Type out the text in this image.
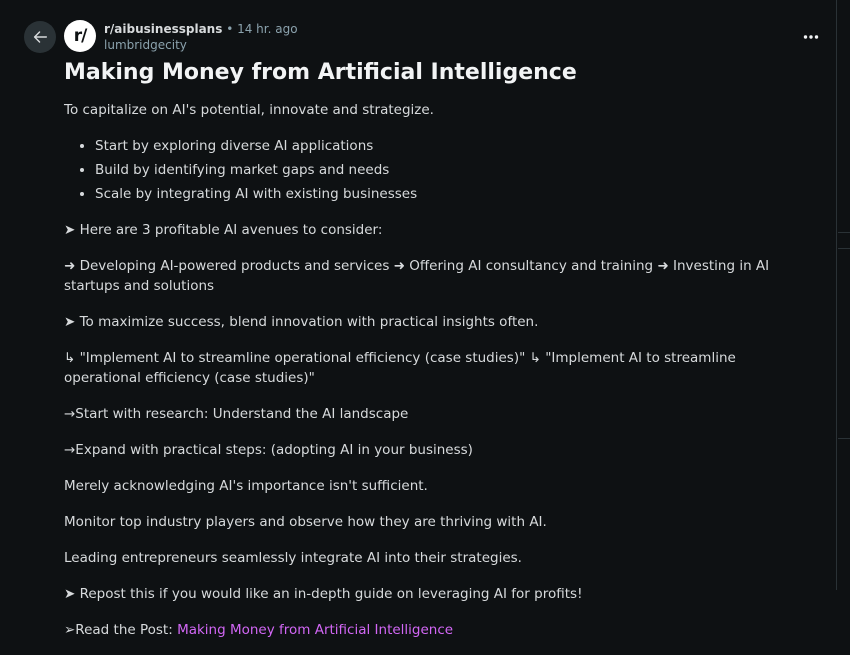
r/	r/aibusinessplans • 14 hr. ago
lumbridgecity
Making Money from Artificial Intelligence

To capitalize on AI's potential, innovate and strategize.

• Start by exploring diverse AI applications
• Build by identifying market gaps and needs
• Scale by integrating AI with existing businesses

➤ Here are 3 profitable AI avenues to consider:

➜ Developing AI-powered products and services ➜ Offering AI consultancy and training ➜ Investing in AI startups and solutions

➤ To maximize success, blend innovation with practical insights often.

↳ "Implement AI to streamline operational efficiency (case studies)" ↳ "Implement AI to streamline operational efficiency (case studies)"

→Start with research: Understand the AI landscape

→Expand with practical steps: (adopting AI in your business)

Merely acknowledging AI's importance isn't sufficient.

Monitor top industry players and observe how they are thriving with AI.

Leading entrepreneurs seamlessly integrate AI into their strategies.

➤ Repost this if you would like an in-depth guide on leveraging AI for profits!

➢Read the Post: Making Money from Artificial Intelligence
